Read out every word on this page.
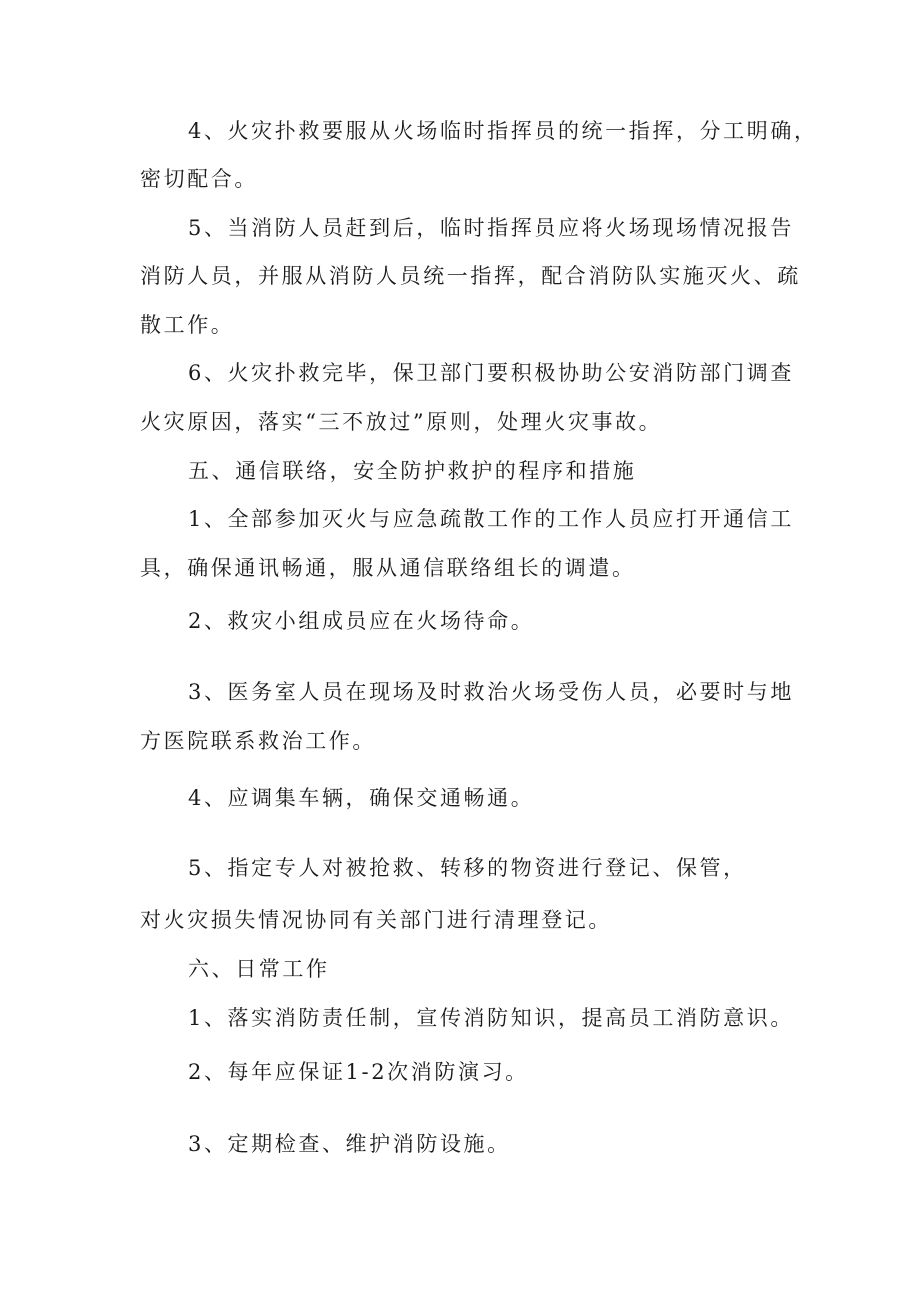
4、火灾扑救要服从火场临时指挥员的统一指挥，分工明确，
密切配合。
5、当消防人员赶到后，临时指挥员应将火场现场情况报告
消防人员，并服从消防人员统一指挥，配合消防队实施灭火、疏
散工作。
6、火灾扑救完毕，保卫部门要积极协助公安消防部门调查
火灾原因，落实“三不放过”原则，处理火灾事故。
五、通信联络，安全防护救护的程序和措施
1、全部参加灭火与应急疏散工作的工作人员应打开通信工
具，确保通讯畅通，服从通信联络组长的调遣。
2、救灾小组成员应在火场待命。
3、医务室人员在现场及时救治火场受伤人员，必要时与地
方医院联系救治工作。
4、应调集车辆，确保交通畅通。
5、指定专人对被抢救、转移的物资进行登记、保管，
对火灾损失情况协同有关部门进行清理登记。
六、日常工作
1、落实消防责任制，宣传消防知识，提高员工消防意识。
2、每年应保证1-2次消防演习。
3、定期检查、维护消防设施。
